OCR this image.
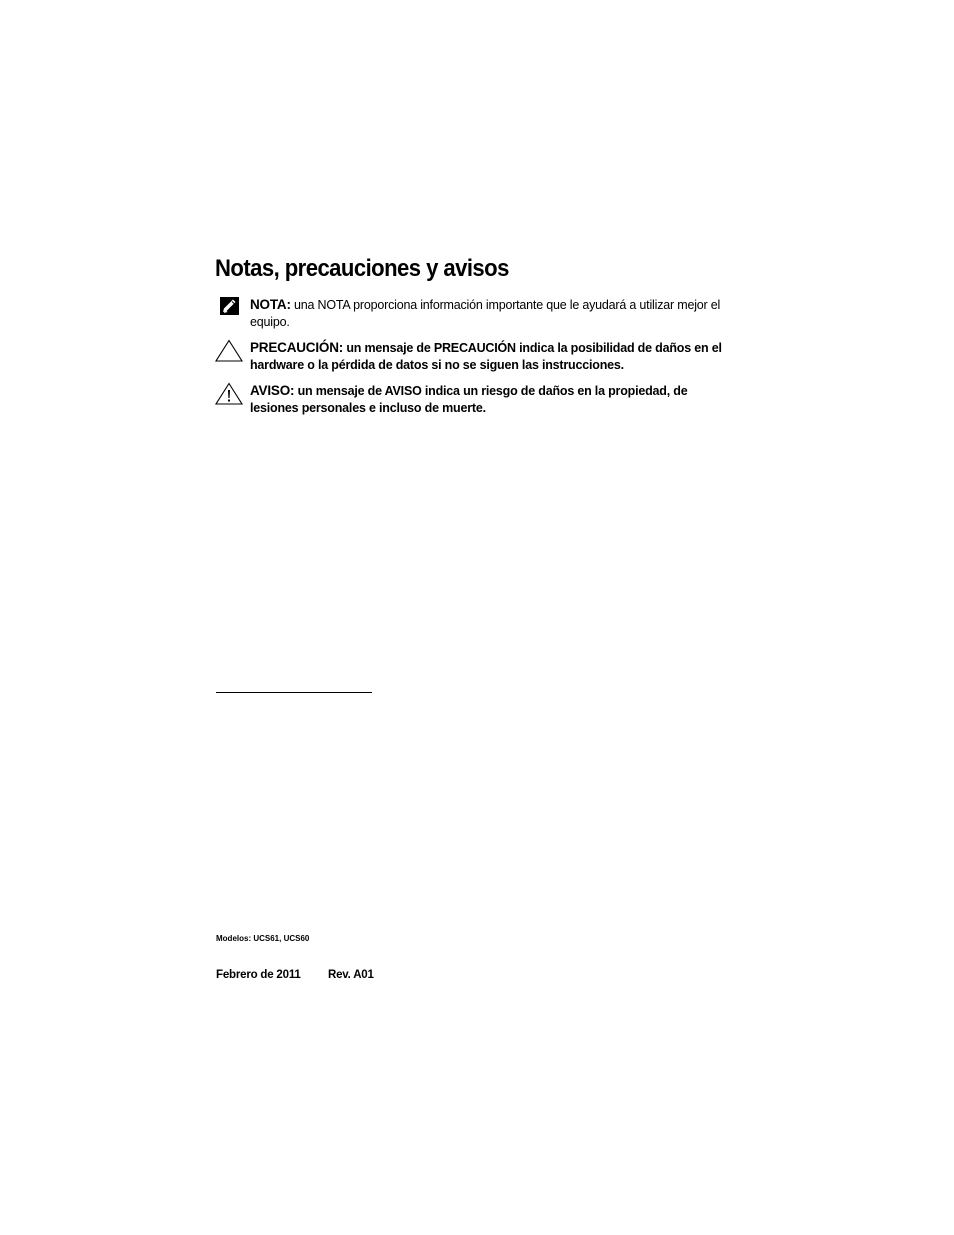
Notas, precauciones y avisos
NOTA: una NOTA proporciona información importante que le ayudará a utilizar mejor el equipo.
PRECAUCIÓN: un mensaje de PRECAUCIÓN indica la posibilidad de daños en el hardware o la pérdida de datos si no se siguen las instrucciones.
AVISO: un mensaje de AVISO indica un riesgo de daños en la propiedad, de lesiones personales e incluso de muerte.
Modelos: UCS61, UCS60
Febrero de 2011 Rev. A01
